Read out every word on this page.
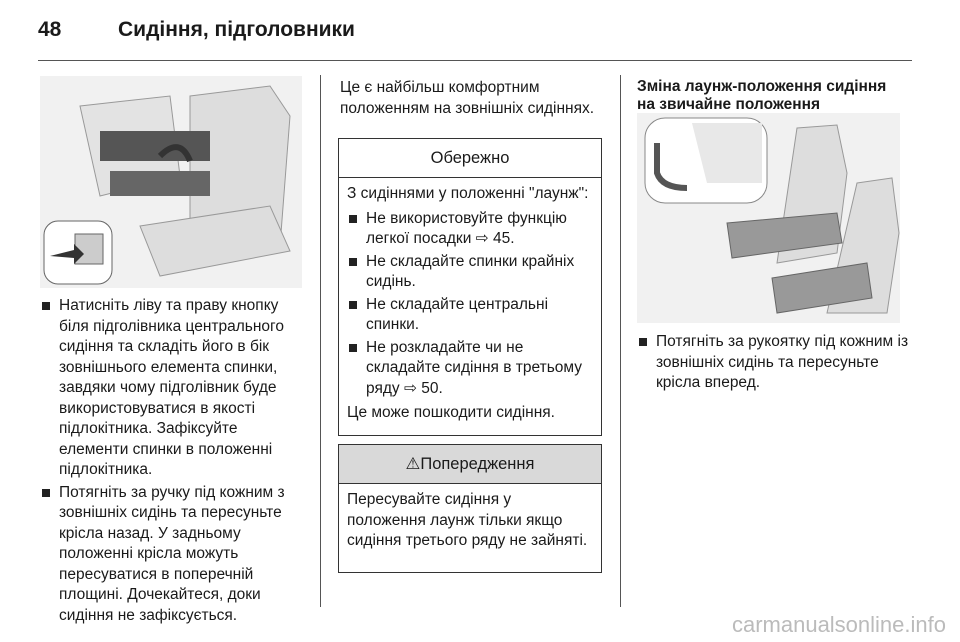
48	Сидіння, підголовники
Натисніть ліву та праву кнопку біля підголівника центрального сидіння та складіть його в бік зовнішнього елемента спинки, завдяки чому підголівник буде використовуватися в якості підлокітника. Зафіксуйте елементи спинки в положенні підлокітника.
Потягніть за ручку під кожним з зовнішніх сидінь та пересуньте крісла назад. У задньому положенні крісла можуть пересуватися в поперечній площині. Дочекайтеся, доки сидіння не зафіксується.
Це є найбільш комфортним положенням на зовнішніх сидіннях.
Обережно

З сидіннями у положенні "лаунж":

Не використовуйте функцію легкої посадки ⇨ 45.
Не складайте спинки крайніх сидінь.
Не складайте центральні спинки.
Не розкладайте чи не складайте сидіння в третьому ряду ⇨ 50.

Це може пошкодити сидіння.

⚠Попередження
Пересувайте сидіння у положення лаунж тільки якщо сидіння третього ряду не зайняті.
Зміна лаунж-положення сидіння на звичайне положення
Потягніть за рукоятку під кожним із зовнішніх сидінь та пересуньте крісла вперед.
carmanualsonline.info
